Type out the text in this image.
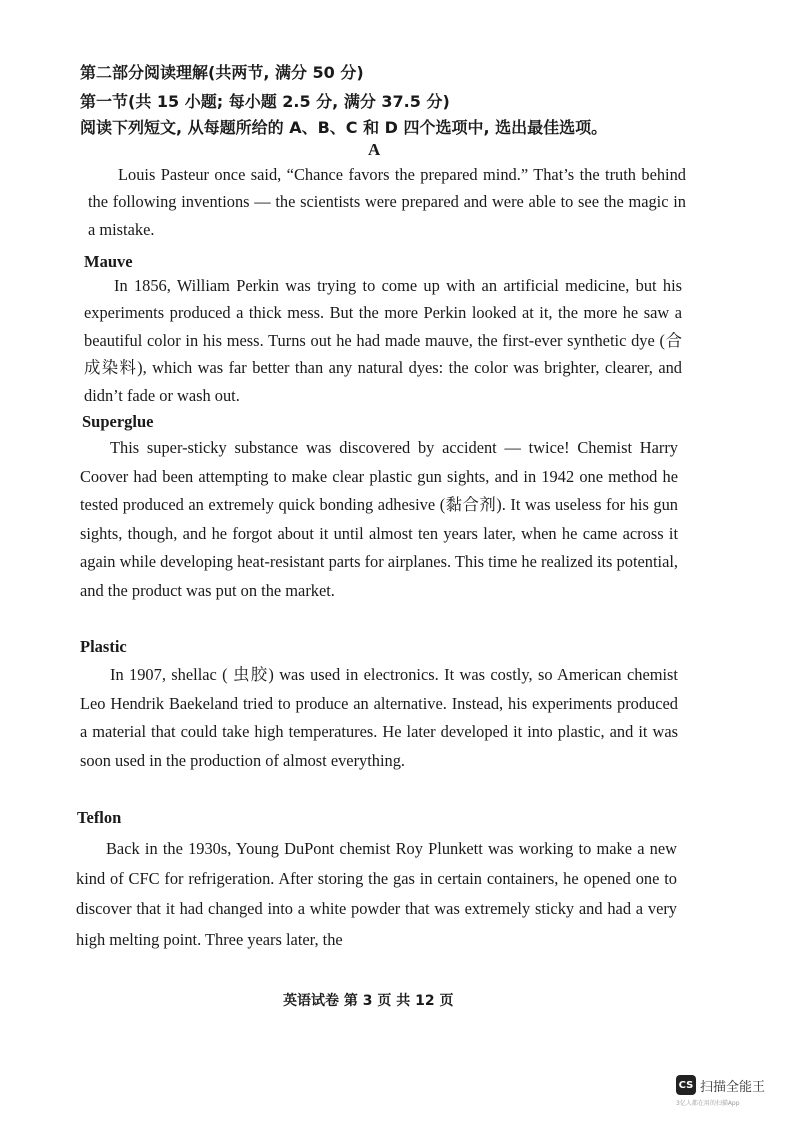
第二部分阅读理解(共两节, 满分 50 分)
第一节(共 15 小题; 每小题 2.5 分, 满分 37.5 分)
阅读下列短文, 从每题所给的 A、B、C 和 D 四个选项中, 选出最佳选项。
A

Louis Pasteur once said, “Chance favors the prepared mind.” That’s the truth behind the following inventions — the scientists were prepared and were able to see the magic in a mistake.

Mauve

In 1856, William Perkin was trying to come up with an artificial medicine, but his experiments produced a thick mess. But the more Perkin looked at it, the more he saw a beautiful color in his mess. Turns out he had made mauve, the first-ever synthetic dye (合成染料), which was far better than any natural dyes: the color was brighter, clearer, and didn’t fade or wash out.

Superglue

This super-sticky substance was discovered by accident — twice! Chemist Harry Coover had been attempting to make clear plastic gun sights, and in 1942 one method he tested produced an extremely quick bonding adhesive (黏合剂). It was useless for his gun sights, though, and he forgot about it until almost ten years later, when he came across it again while developing heat-resistant parts for airplanes. This time he realized its potential, and the product was put on the market.

Plastic

In 1907, shellac ( 虫胶) was used in electronics. It was costly, so American chemist Leo Hendrik Baekeland tried to produce an alternative. Instead, his experiments produced a material that could take high temperatures. He later developed it into plastic, and it was soon used in the production of almost everything.

Teflon

Back in the 1930s, Young DuPont chemist Roy Plunkett was working to make a new kind of CFC for refrigeration. After storing the gas in certain containers, he opened one to discover that it had changed into a white powder that was extremely sticky and had a very high melting point. Three years later, the

英语试卷 第 3 页 共 12 页
CS 扫描全能王
3亿人都在用的扫描App
